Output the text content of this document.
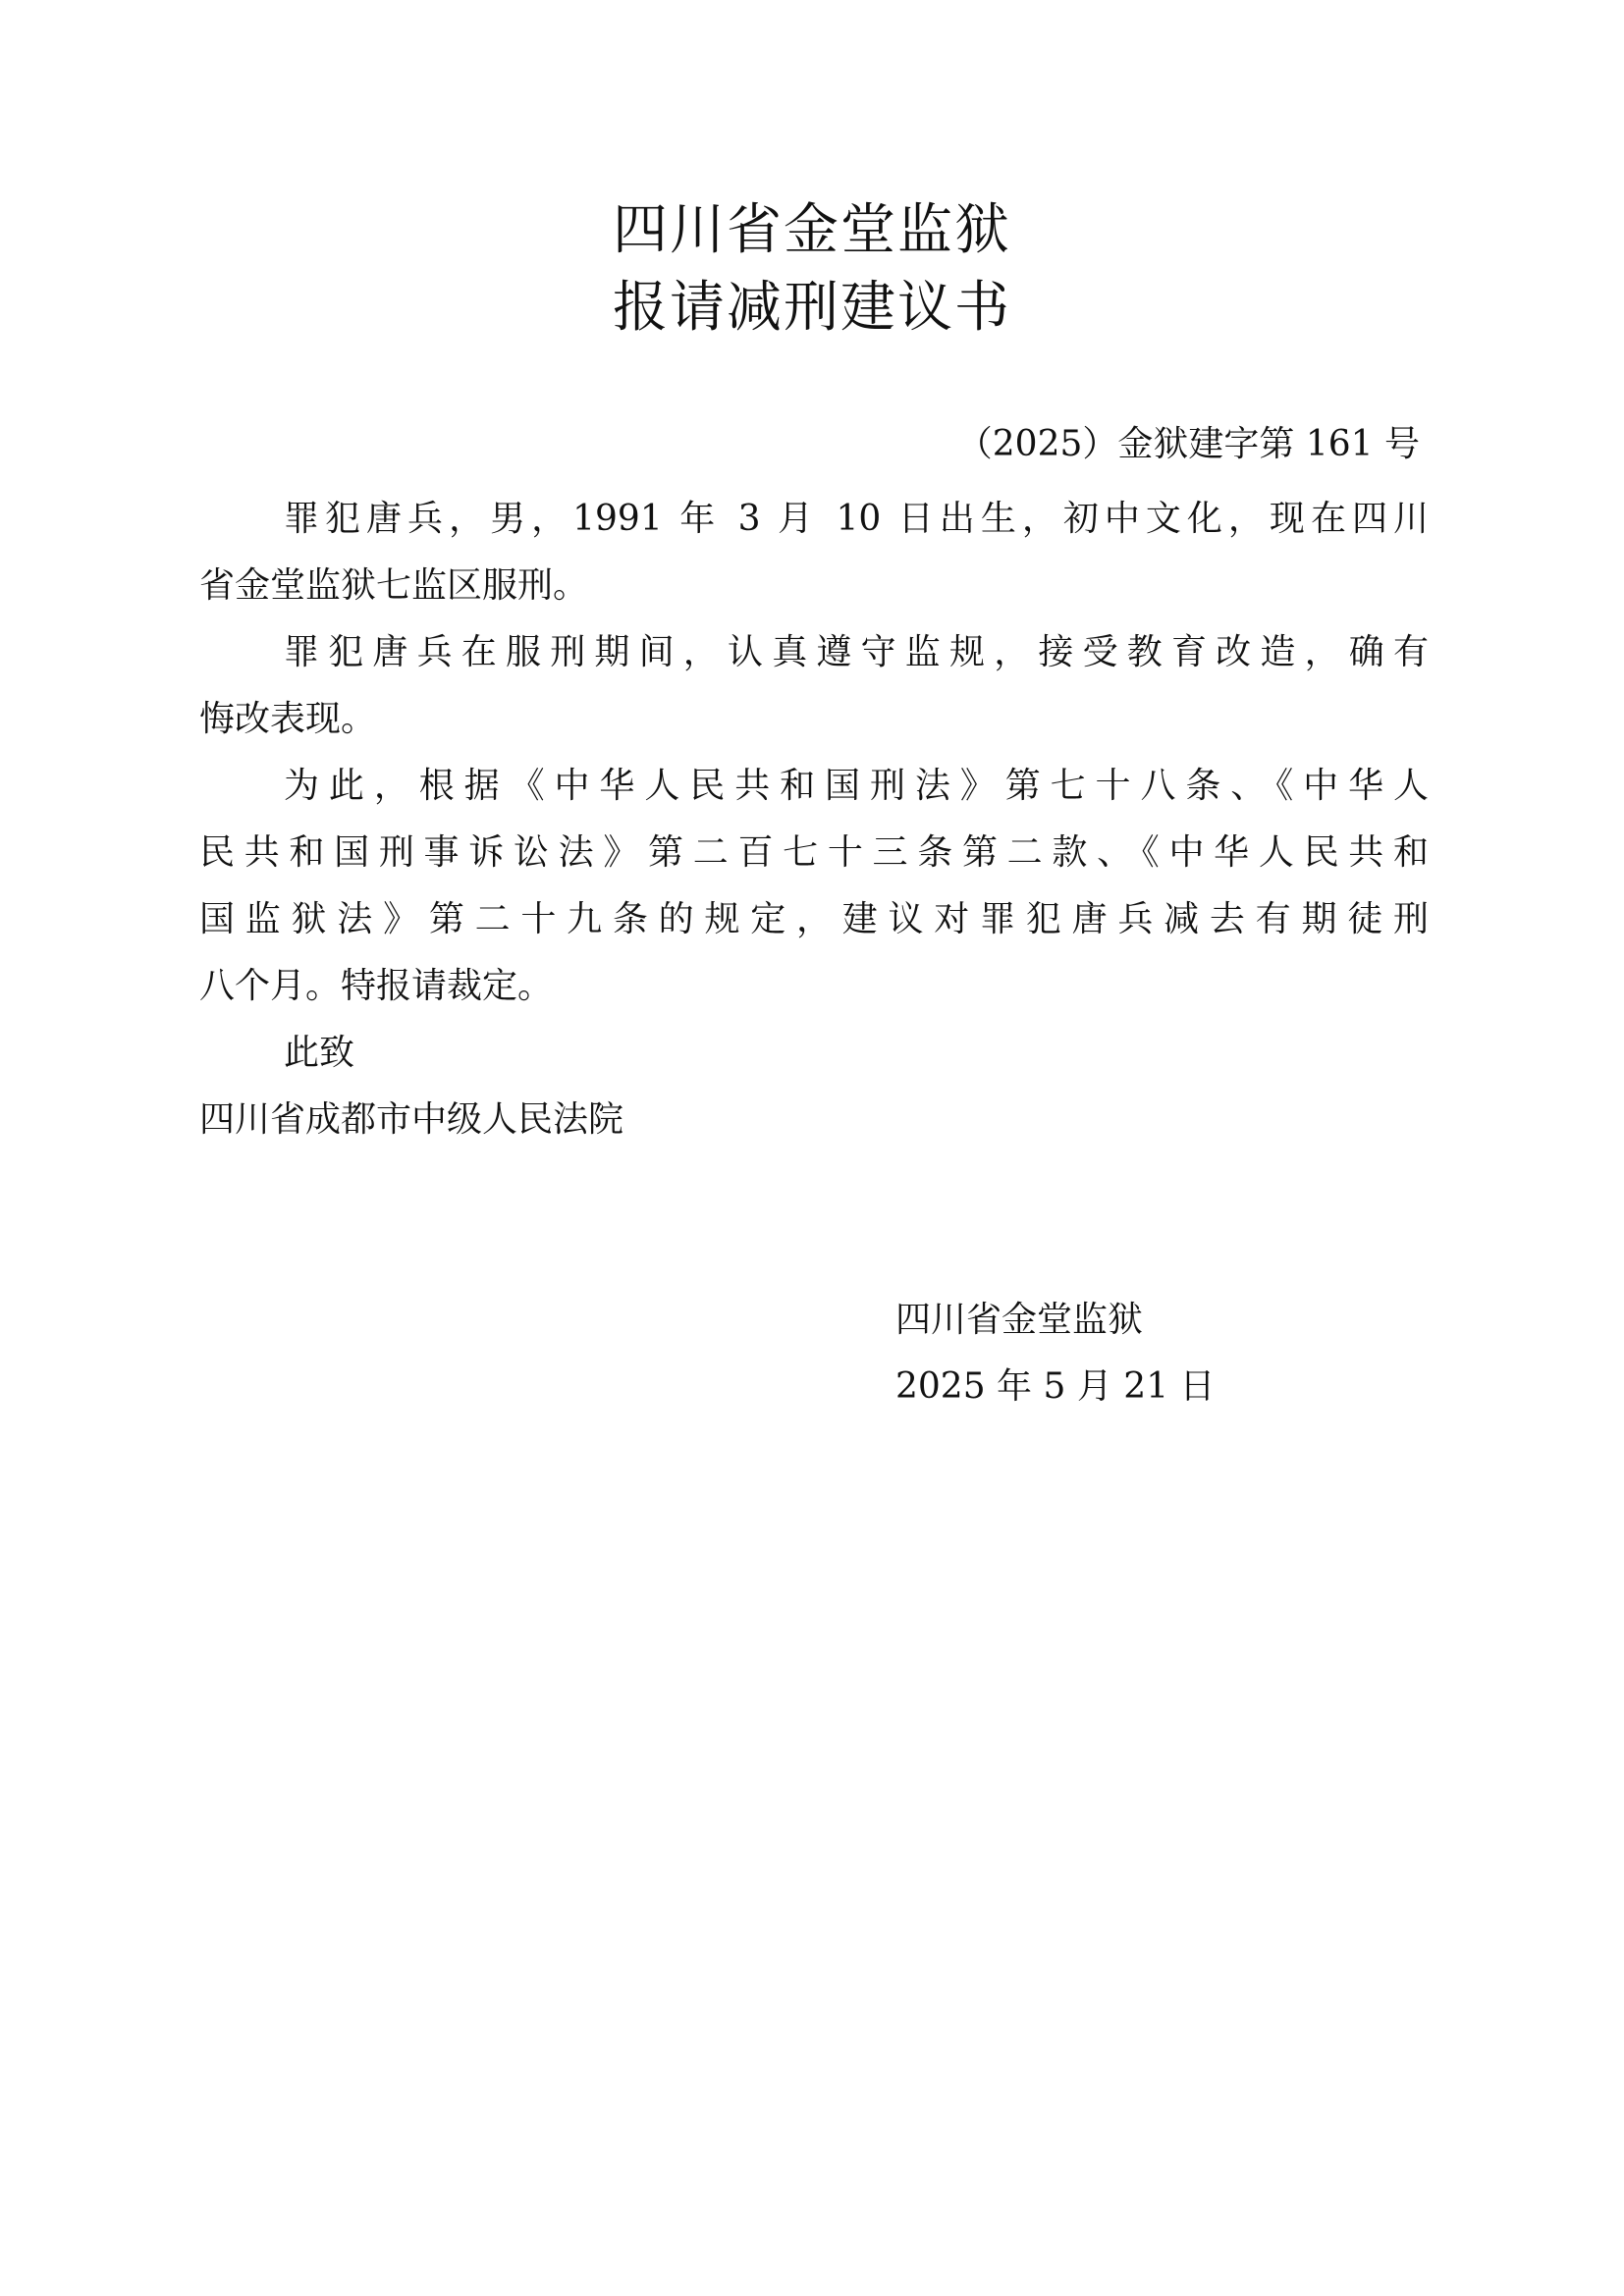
四川省金堂监狱
报请减刑建议书
（2025）金狱建字第 161 号
罪犯唐兵，男，1991 年 3 月 10 日出生，初中文化，现在四川
省金堂监狱七监区服刑。
罪犯唐兵在服刑期间，认真遵守监规，接受教育改造，确有
悔改表现。
为此，根据《中华人民共和国刑法》第七十八条、《中华人
民共和国刑事诉讼法》第二百七十三条第二款、《中华人民共和
国监狱法》第二十九条的规定，建议对罪犯唐兵减去有期徒刑
八个月。特报请裁定。
此致
四川省成都市中级人民法院
四川省金堂监狱
2025 年 5 月 21 日
